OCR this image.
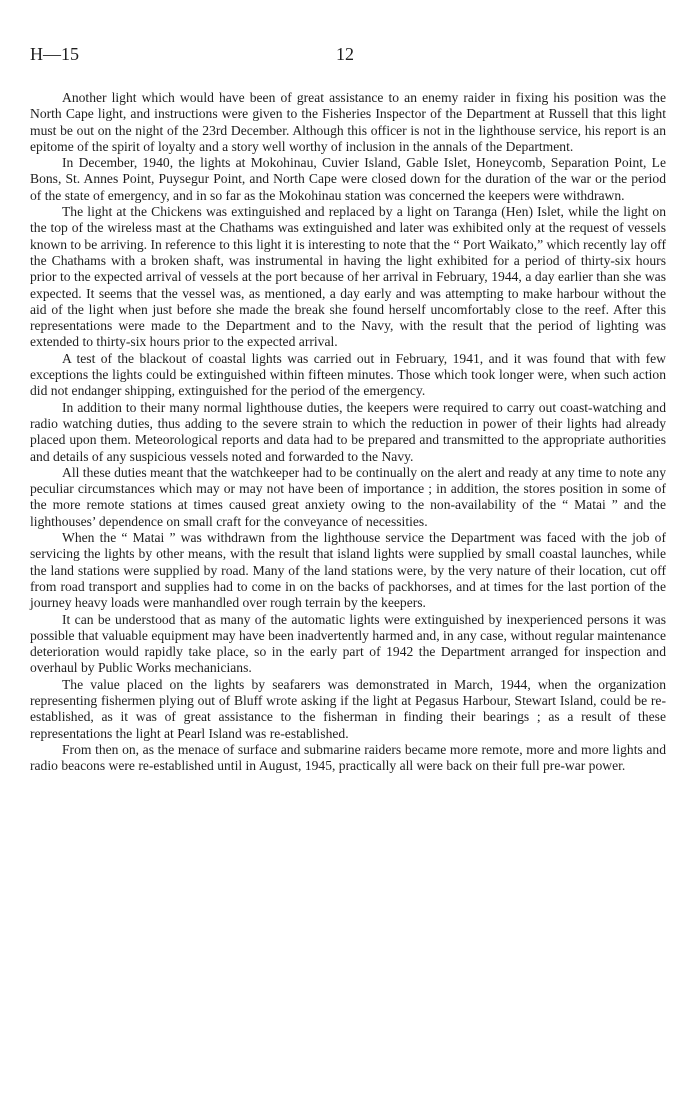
H—15	12

Another light which would have been of great assistance to an enemy raider in fixing his position was the North Cape light, and instructions were given to the Fisheries Inspector of the Department at Russell that this light must be out on the night of the 23rd December. Although this officer is not in the lighthouse service, his report is an epitome of the spirit of loyalty and a story well worthy of inclusion in the annals of the Department.

In December, 1940, the lights at Mokohinau, Cuvier Island, Gable Islet, Honeycomb, Separation Point, Le Bons, St. Annes Point, Puysegur Point, and North Cape were closed down for the duration of the war or the period of the state of emergency, and in so far as the Mokohinau station was concerned the keepers were withdrawn.

The light at the Chickens was extinguished and replaced by a light on Taranga (Hen) Islet, while the light on the top of the wireless mast at the Chathams was extinguished and later was exhibited only at the request of vessels known to be arriving. In reference to this light it is interesting to note that the “ Port Waikato,” which recently lay off the Chathams with a broken shaft, was instrumental in having the light exhibited for a period of thirty-six hours prior to the expected arrival of vessels at the port because of her arrival in February, 1944, a day earlier than she was expected. It seems that the vessel was, as mentioned, a day early and was attempting to make harbour without the aid of the light when just before she made the break she found herself uncomfortably close to the reef. After this representations were made to the Department and to the Navy, with the result that the period of lighting was extended to thirty-six hours prior to the expected arrival.

A test of the blackout of coastal lights was carried out in February, 1941, and it was found that with few exceptions the lights could be extinguished within fifteen minutes. Those which took longer were, when such action did not endanger shipping, extinguished for the period of the emergency.

In addition to their many normal lighthouse duties, the keepers were required to carry out coast-watching and radio watching duties, thus adding to the severe strain to which the reduction in power of their lights had already placed upon them. Meteorological reports and data had to be prepared and transmitted to the appropriate authorities and details of any suspicious vessels noted and forwarded to the Navy.

All these duties meant that the watchkeeper had to be continually on the alert and ready at any time to note any peculiar circumstances which may or may not have been of importance ; in addition, the stores position in some of the more remote stations at times caused great anxiety owing to the non-availability of the “ Matai ” and the lighthouses’ dependence on small craft for the conveyance of necessities.

When the “ Matai ” was withdrawn from the lighthouse service the Department was faced with the job of servicing the lights by other means, with the result that island lights were supplied by small coastal launches, while the land stations were supplied by road. Many of the land stations were, by the very nature of their location, cut off from road transport and supplies had to come in on the backs of packhorses, and at times for the last portion of the journey heavy loads were manhandled over rough terrain by the keepers.

It can be understood that as many of the automatic lights were extinguished by inexperienced persons it was possible that valuable equipment may have been inadvertently harmed and, in any case, without regular maintenance deterioration would rapidly take place, so in the early part of 1942 the Department arranged for inspection and overhaul by Public Works mechanicians.

The value placed on the lights by seafarers was demonstrated in March, 1944, when the organization representing fishermen plying out of Bluff wrote asking if the light at Pegasus Harbour, Stewart Island, could be re-established, as it was of great assistance to the fisherman in finding their bearings ; as a result of these representations the light at Pearl Island was re-established.

From then on, as the menace of surface and submarine raiders became more remote, more and more lights and radio beacons were re-established until in August, 1945, practically all were back on their full pre-war power.
